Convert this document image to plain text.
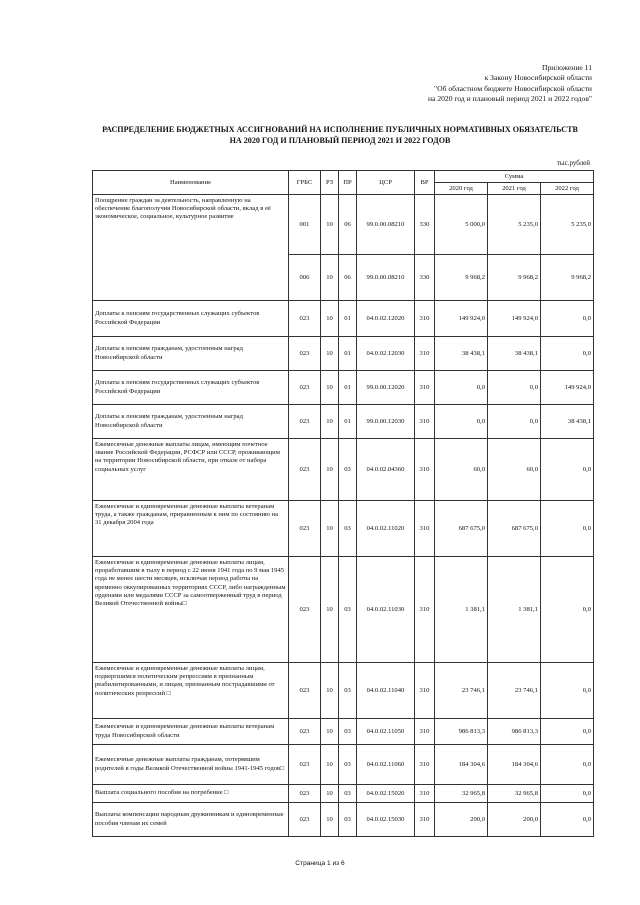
Приложение 11
к Закону Новосибирской области
"Об областном бюджете Новосибирской области
на 2020 год и плановый период 2021 и 2022 годов"
РАСПРЕДЕЛЕНИЕ БЮДЖЕТНЫХ АССИГНОВАНИЙ НА ИСПОЛНЕНИЕ ПУБЛИЧНЫХ НОРМАТИВНЫХ ОБЯЗАТЕЛЬСТВ
НА 2020 ГОД И ПЛАНОВЫЙ ПЕРИОД 2021 И 2022 ГОДОВ
тыс.рублей
Наименование	ГРБС	РЗ	ПР	ЦСР	ВР	Сумма		
						2020 год	2021 год	2022 год
Поощрение граждан за деятельность, направленную на обеспечение благополучия Новосибирской области, вклад в её экономическое, социальное, культурное развитие	001	10	06	99.0.00.08210	330	5 000,0	5 235,0	5 235,0
	006	10	06	99.0.00.08210	330	9 968,2	9 968,2	9 968,2
Доплаты к пенсиям государственных служащих субъектов Российской Федерации	023	10	01	04.0.02.12020	310	149 924,0	149 924,0	0,0
Доплаты к пенсиям гражданам, удостоенным наград Новосибирской области	023	10	01	04.0.02.12030	310	38 438,1	38 438,1	0,0
Доплаты к пенсиям государственных служащих субъектов Российской Федерации	023	10	01	99.0.00.12020	310	0,0	0,0	149 924,0
Доплаты к пенсиям гражданам, удостоенным наград Новосибирской области	023	10	01	99.0.00.12030	310	0,0	0,0	38 438,1
Ежемесячные денежные выплаты лицам, имеющим почетное звание Российской Федерации, РСФСР или СССР, проживающим на территории Новосибирской области, при отказе от набора социальных услуг	023	10	03	04.0.02.04360	310	60,0	60,0	0,0
Ежемесячные и единовременные денежные выплаты ветеранам труда, а также гражданам, приравненным к ним по состоянию на 31 декабря 2004 года	023	10	03	04.0.02.11020	310	687 675,0	687 675,0	0,0
Ежемесячные и единовременные денежные выплаты лицам, проработавшим в тылу в период с 22 июня 1941 года по 9 мая 1945 года не менее шести месяцев, исключая период работы на временно оккупированных территориях СССР, либо награжденным орденами или медалями СССР за самоотверженный труд в период Великой Отечественной войны□	023	10	03	04.0.02.11030	310	1 381,1	1 381,1	0,0
Ежемесячные и единовременные денежные выплаты лицам, подвергшимся политическим репрессиям в признанным реабилитированными, и лицам, признанным пострадавшими от политических репрессий □	023	10	03	04.0.02.11040	310	23 746,1	23 746,1	0,0
Ежемесячные и единовременные денежные выплаты ветеранам труда Новосибирской области	023	10	03	04.0.02.11050	310	986 813,3	986 813,3	0,0
Ежемесячные денежные выплаты гражданам, потерявшим родителей в годы Великой Отечественной войны 1941-1945 годов□	023	10	03	04.0.02.11060	310	184 304,6	184 304,6	0,0
Выплата социального пособия на погребение □	023	10	03	04.0.02.15020	310	32 965,8	32 965,8	0,0
Выплаты компенсации народным дружинникам и единовременные пособия членам их семей	023	10	03	04.0.02.15030	310	200,0	200,0	0,0
Страница 1 из 6
